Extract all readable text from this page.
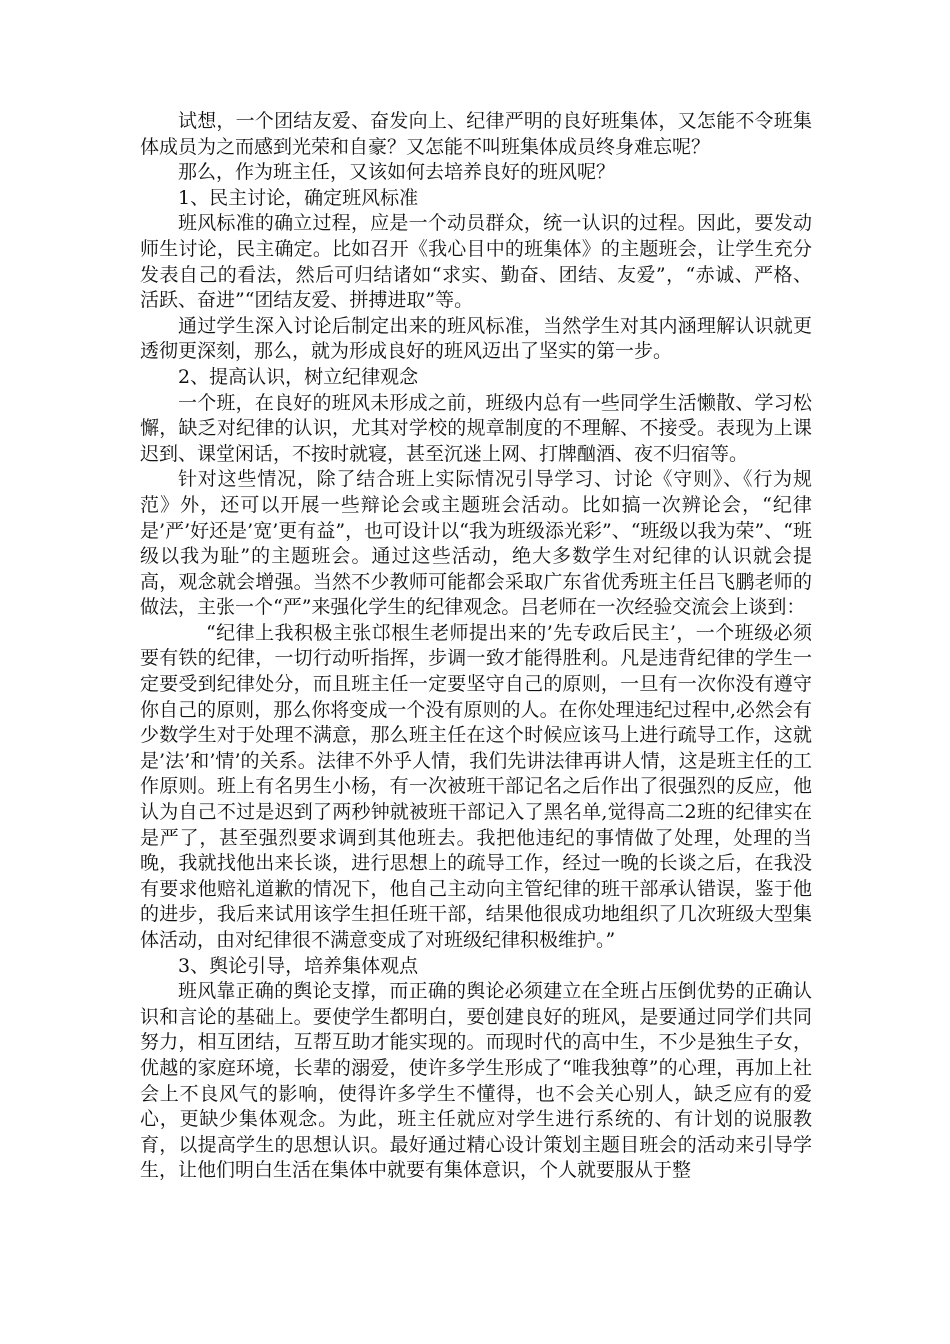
试想，一个团结友爱、奋发向上、纪律严明的良好班集体，又怎能不令班集体成员为之而感到光荣和自豪？又怎能不叫班集体成员终身难忘呢？

那么，作为班主任，又该如何去培养良好的班风呢？

1、民主讨论，确定班风标准

班风标准的确立过程，应是一个动员群众，统一认识的过程。因此，要发动师生讨论，民主确定。比如召开《我心目中的班集体》的主题班会，让学生充分发表自己的看法，然后可归结诸如“求实、勤奋、团结、友爱”，“赤诚、严格、活跃、奋进”“团结友爱、拼搏进取”等。

通过学生深入讨论后制定出来的班风标准，当然学生对其内涵理解认识就更透彻更深刻，那么，就为形成良好的班风迈出了坚实的第一步。

2、提高认识，树立纪律观念

一个班，在良好的班风未形成之前，班级内总有一些同学生活懒散、学习松懈，缺乏对纪律的认识，尤其对学校的规章制度的不理解、不接受。表现为上课迟到、课堂闲话，不按时就寝，甚至沉迷上网、打牌酗酒、夜不归宿等。

针对这些情况，除了结合班上实际情况引导学习、讨论《守则》、《行为规范》外，还可以开展一些辩论会或主题班会活动。比如搞一次辨论会，“纪律是’严’好还是’宽’更有益”，也可设计以“我为班级添光彩”、“班级以我为荣”、“班级以我为耻”的主题班会。通过这些活动，绝大多数学生对纪律的认识就会提高，观念就会增强。当然不少教师可能都会采取广东省优秀班主任吕飞鹏老师的做法，主张一个“严”来强化学生的纪律观念。吕老师在一次经验交流会上谈到：

“纪律上我积极主张邙根生老师提出来的’先专政后民主’，一个班级必须要有铁的纪律，一切行动听指挥，步调一致才能得胜利。凡是违背纪律的学生一定要受到纪律处分，而且班主任一定要坚守自己的原则，一旦有一次你没有遵守你自己的原则，那么你将变成一个没有原则的人。在你处理违纪过程中,必然会有少数学生对于处理不满意，那么班主任在这个时候应该马上进行疏导工作，这就是’法’和’情’的关系。法律不外乎人情，我们先讲法律再讲人情，这是班主任的工作原则。班上有名男生小杨，有一次被班干部记名之后作出了很强烈的反应，他认为自己不过是迟到了两秒钟就被班干部记入了黑名单,觉得高二2班的纪律实在是严了，甚至强烈要求调到其他班去。我把他违纪的事情做了处理，处理的当晚，我就找他出来长谈，进行思想上的疏导工作，经过一晚的长谈之后，在我没有要求他赔礼道歉的情况下，他自己主动向主管纪律的班干部承认错误，鉴于他的进步，我后来试用该学生担任班干部，结果他很成功地组织了几次班级大型集体活动，由对纪律很不满意变成了对班级纪律积极维护。”

3、舆论引导，培养集体观点

班风靠正确的舆论支撑，而正确的舆论必须建立在全班占压倒优势的正确认识和言论的基础上。要使学生都明白，要创建良好的班风，是要通过同学们共同努力，相互团结，互帮互助才能实现的。而现时代的高中生，不少是独生子女，优越的家庭环境，长辈的溺爱，使许多学生形成了“唯我独尊”的心理，再加上社会上不良风气的影响，使得许多学生不懂得，也不会关心别人，缺乏应有的爱心，更缺少集体观念。为此，班主任就应对学生进行系统的、有计划的说服教育，以提高学生的思想认识。最好通过精心设计策划主题目班会的活动来引导学生，让他们明白生活在集体中就要有集体意识，个人就要服从于整
